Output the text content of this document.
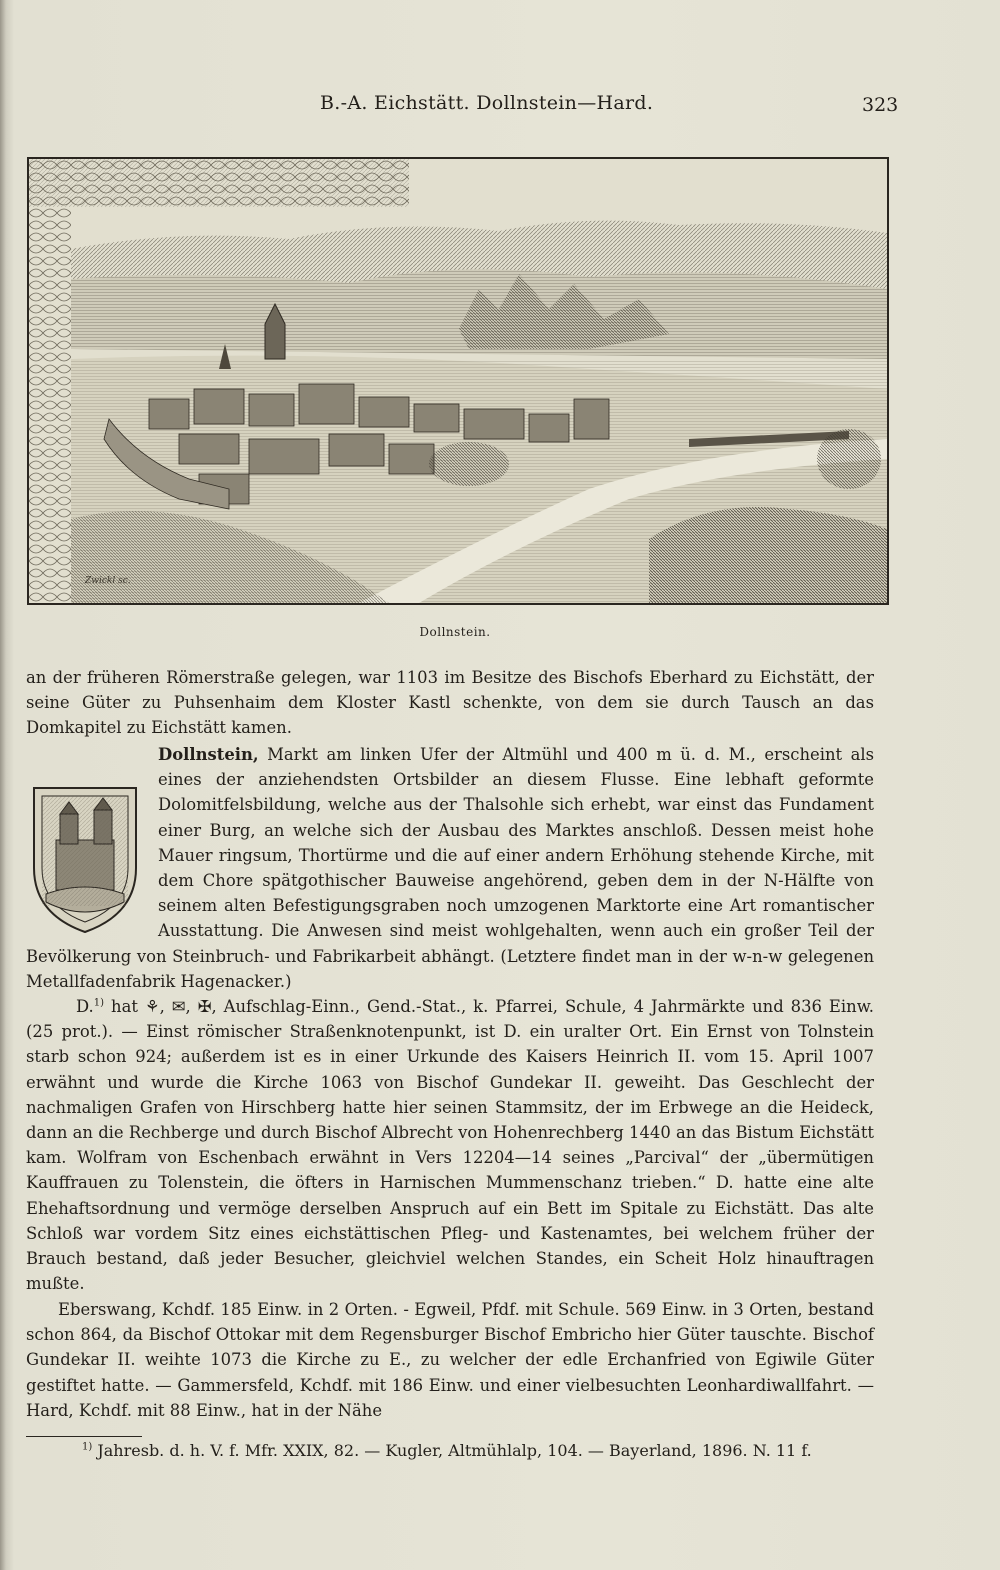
B.-A. Eichstätt. Dollnstein—Hard.	323
Zwickl sc.
Dollnstein.
an der früheren Römerstraße gelegen, war 1103 im Besitze des Bischofs Eberhard zu Eichstätt, der seine Güter zu Puhsenhaim dem Kloster Kastl schenkte, von dem sie durch Tausch an das Domkapitel zu Eichstätt kamen.
Dollnstein, Markt am linken Ufer der Altmühl und 400 m ü. d. M., erscheint als eines der anziehendsten Ortsbilder an diesem Flusse. Eine lebhaft geformte Dolomitfelsbildung, welche aus der Thalsohle sich erhebt, war einst das Fundament einer Burg, an welche sich der Ausbau des Marktes anschloß. Dessen meist hohe Mauer ringsum, Thortürme und die auf einer andern Erhöhung stehende Kirche, mit dem Chore spätgothischer Bauweise angehörend, geben dem in der N-Hälfte von seinem alten Befestigungsgraben noch umzogenen Marktorte eine Art romantischer Ausstattung. Die Anwesen sind meist wohlgehalten, wenn auch ein großer Teil der Bevölkerung von Steinbruch- und Fabrikarbeit abhängt. (Letztere findet man in der w-n-w gelegenen Metallfadenfabrik Hagenacker.)
D.$^{1)}$ hat ⚘, ✉, ✠, Aufschlag-Einn., Gend.-Stat., k. Pfarrei, Schule, 4 Jahrmärkte und 836 Einw. (25 prot.). — Einst römischer Straßenknotenpunkt, ist D. ein uralter Ort. Ein Ernst von Tolnstein starb schon 924; außerdem ist es in einer Urkunde des Kaisers Heinrich II. vom 15. April 1007 erwähnt und wurde die Kirche 1063 von Bischof Gundekar II. geweiht. Das Geschlecht der nachmaligen Grafen von Hirschberg hatte hier seinen Stammsitz, der im Erbwege an die Heideck, dann an die Rechberge und durch Bischof Albrecht von Hohenrechberg 1440 an das Bistum Eichstätt kam. Wolfram von Eschenbach erwähnt in Vers 12204—14 seines „Parcival“ der „übermütigen Kauffrauen zu Tolenstein, die öfters in Harnischen Mummenschanz trieben.“ D. hatte eine alte Ehehaftsordnung und vermöge derselben Anspruch auf ein Bett im Spitale zu Eichstätt. Das alte Schloß war vordem Sitz eines eichstättischen Pfleg- und Kastenamtes, bei welchem früher der Brauch bestand, daß jeder Besucher, gleichviel welchen Standes, ein Scheit Holz hinauftragen mußte.
Eberswang, Kchdf. 185 Einw. in 2 Orten. - Egweil, Pfdf. mit Schule. 569 Einw. in 3 Orten, bestand schon 864, da Bischof Ottokar mit dem Regensburger Bischof Embricho hier Güter tauschte. Bischof Gundekar II. weihte 1073 die Kirche zu E., zu welcher der edle Erchanfried von Egiwile Güter gestiftet hatte. — Gammersfeld, Kchdf. mit 186 Einw. und einer vielbesuchten Leonhardiwallfahrt. — Hard, Kchdf. mit 88 Einw., hat in der Nähe
$^{1)}$ Jahresb. d. h. V. f. Mfr. XXIX, 82. — Kugler, Altmühlalp, 104. — Bayerland, 1896. N. 11 f.
